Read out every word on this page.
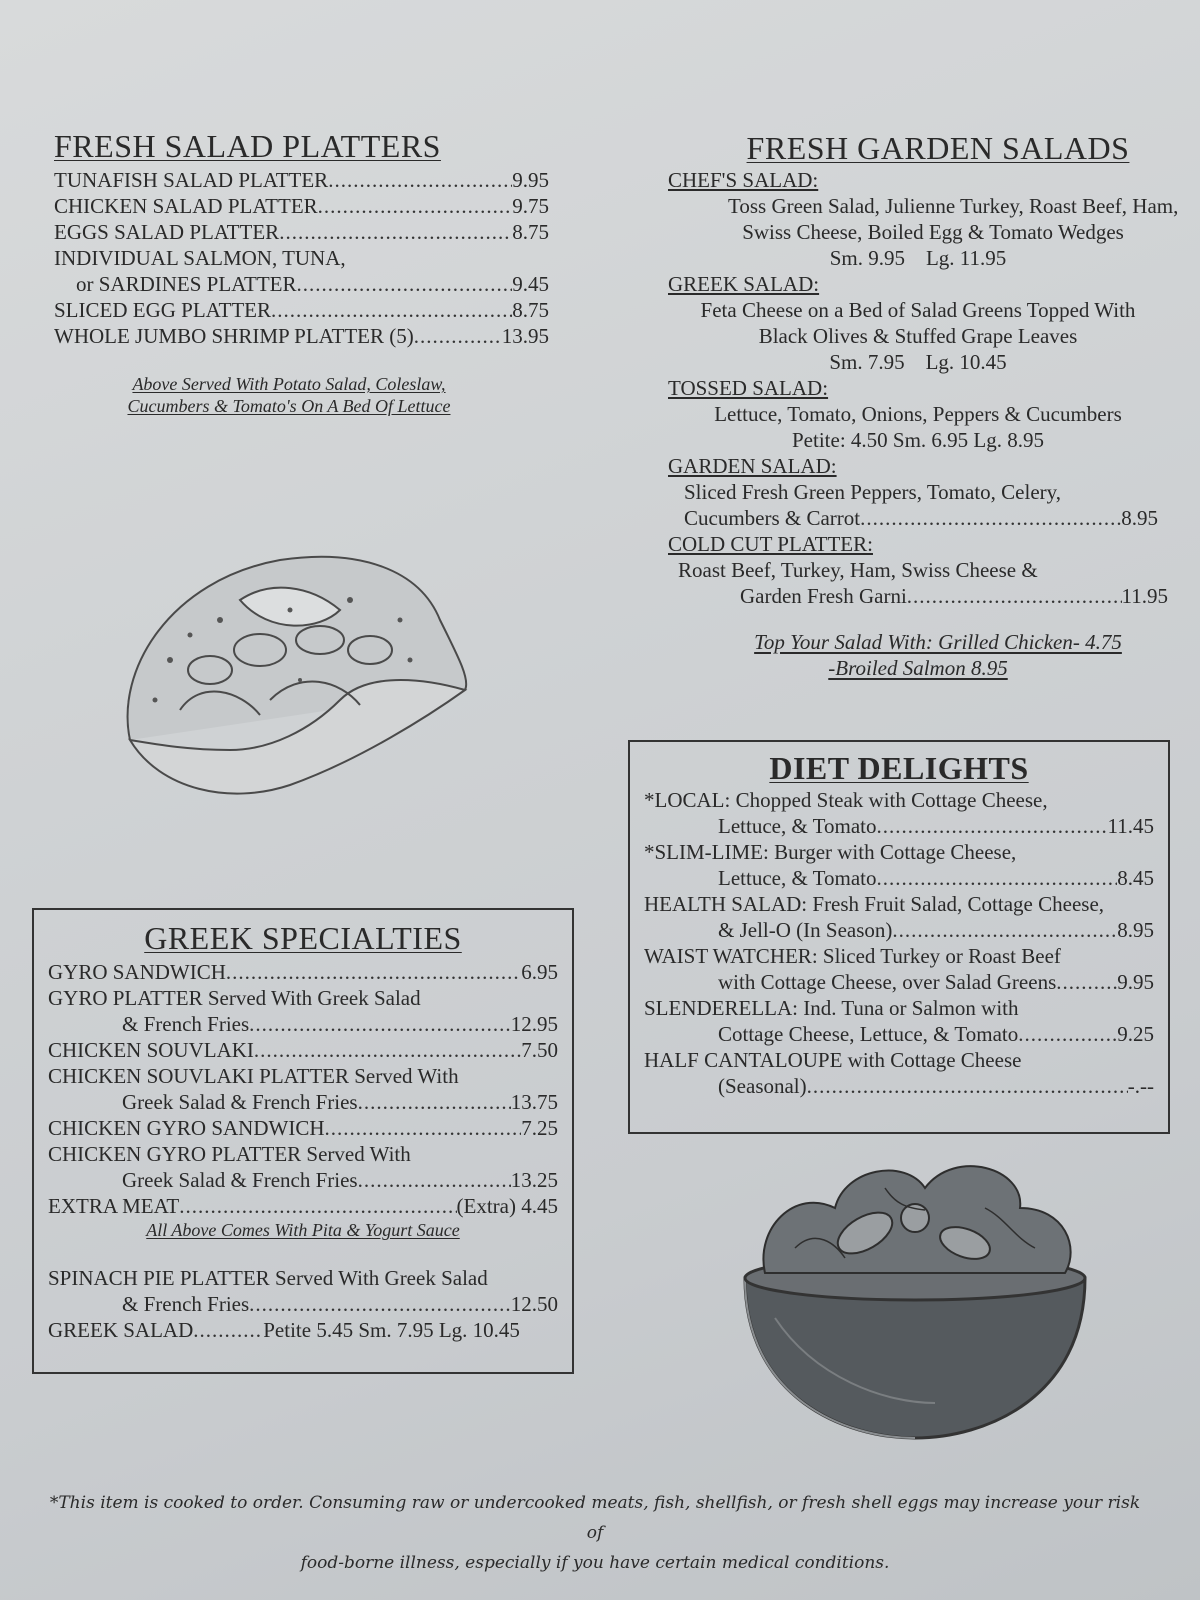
FRESH SALAD PLATTERS
TUNAFISH SALAD PLATTER .....	9.95
CHICKEN SALAD PLATTER .....	9.75
EGGS SALAD PLATTER .....	8.75
INDIVIDUAL SALMON, TUNA,
or SARDINES PLATTER .....	9.45
SLICED EGG PLATTER .....	8.75
WHOLE JUMBO SHRIMP PLATTER (5) .....	13.95
Above Served With Potato Salad, Coleslaw,
Cucumbers & Tomato's On A Bed Of Lettuce
FRESH GARDEN SALADS
CHEF'S SALAD:
Toss Green Salad, Julienne Turkey, Roast Beef, Ham,
Swiss Cheese, Boiled Egg & Tomato Wedges
Sm. 9.95    Lg. 11.95
GREEK SALAD:
Feta Cheese on a Bed of Salad Greens Topped With
Black Olives & Stuffed Grape Leaves
Sm. 7.95    Lg. 10.45
TOSSED SALAD:
Lettuce, Tomato, Onions, Peppers & Cucumbers
Petite: 4.50 Sm. 6.95 Lg. 8.95
GARDEN SALAD:
Sliced Fresh Green Peppers, Tomato, Celery,
Cucumbers & Carrot .....	8.95
COLD CUT PLATTER:
Roast Beef, Turkey, Ham, Swiss Cheese &
Garden Fresh Garni .....	11.95
Top Your Salad With: Grilled Chicken- 4.75
-Broiled Salmon 8.95
DIET DELIGHTS
*LOCAL: Chopped Steak with Cottage Cheese,
Lettuce, & Tomato .....	11.45
*SLIM-LIME: Burger with Cottage Cheese,
Lettuce, & Tomato .....	8.45
HEALTH SALAD: Fresh Fruit Salad, Cottage Cheese,
& Jell-O (In Season) .....	8.95
WAIST WATCHER: Sliced Turkey or Roast Beef
with Cottage Cheese, over Salad Greens .....	9.95
SLENDERELLA: Ind. Tuna or Salmon with
Cottage Cheese, Lettuce, & Tomato .....	9.25
HALF CANTALOUPE with Cottage Cheese
(Seasonal) .....	-.--
GREEK SPECIALTIES
GYRO SANDWICH .....	6.95
GYRO PLATTER Served With Greek Salad
& French Fries .....	12.95
CHICKEN SOUVLAKI .....	7.50
CHICKEN SOUVLAKI PLATTER Served With
Greek Salad & French Fries .....	13.75
CHICKEN GYRO SANDWICH .....	7.25
CHICKEN GYRO PLATTER Served With
Greek Salad & French Fries .....	13.25
EXTRA MEAT .....	(Extra) 4.45
All Above Comes With Pita & Yogurt Sauce
SPINACH PIE PLATTER Served With Greek Salad
& French Fries .....	12.50
GREEK SALAD .....	Petite 5.45 Sm. 7.95 Lg. 10.45
*This item is cooked to order. Consuming raw or undercooked meats, fish, shellfish, or fresh shell eggs may increase your risk of
food-borne illness, especially if you have certain medical conditions.
